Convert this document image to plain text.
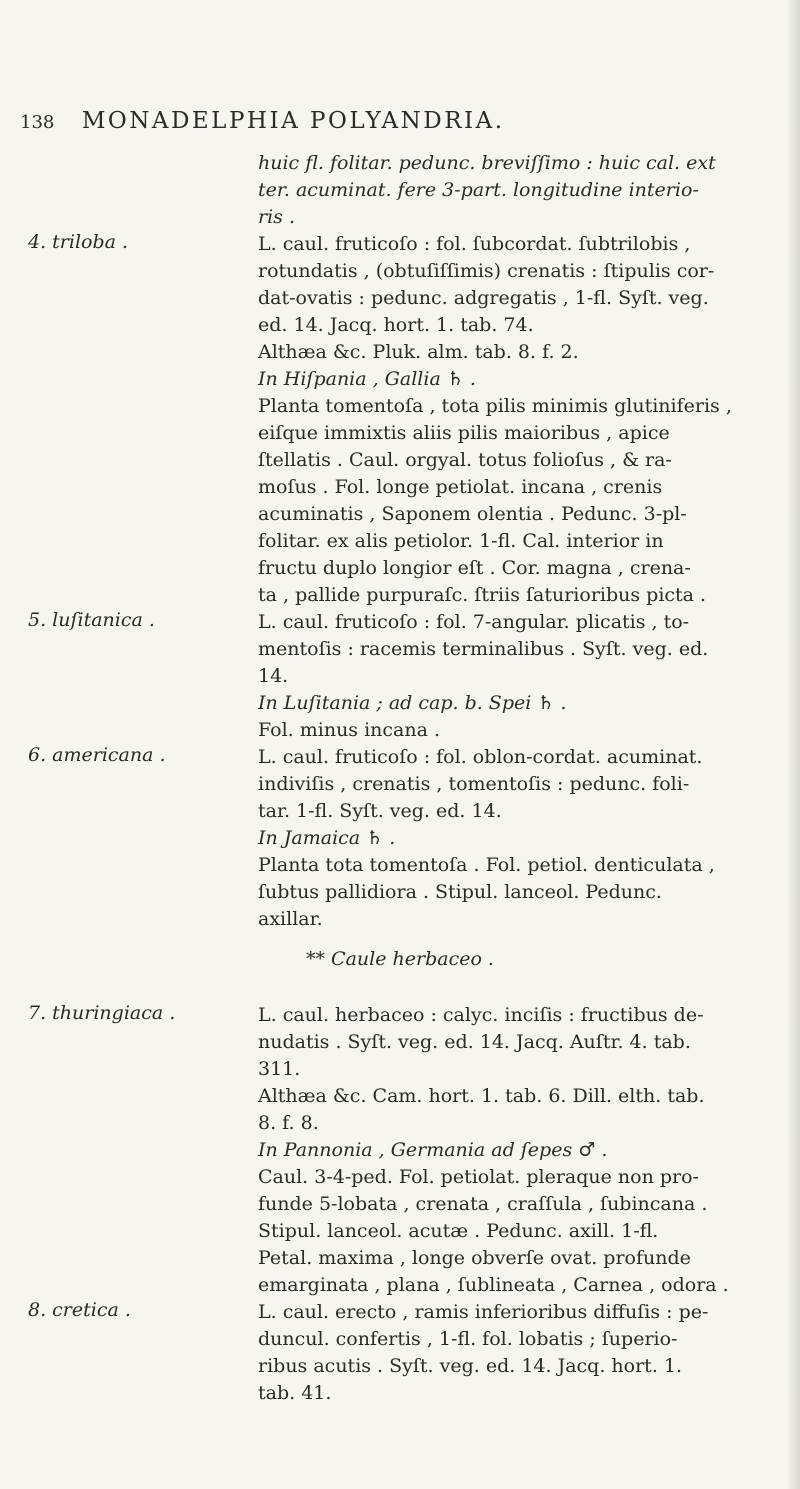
138 MONADELPHIA POLYANDRIA.
huic fl. folitar. pedunc. breviſſimo : huic cal. ext
ter. acuminat. fere 3-part. longitudine interio-
ris .
4. triloba .	L. caul. fruticoſo : fol. ſubcordat. ſubtrilobis ,
rotundatis , (obtuſiſſimis) crenatis : ſtipulis cor-
dat-ovatis : pedunc. adgregatis , 1-fl. Syſt. veg.
ed. 14. Jacq. hort. 1. tab. 74.
Althæa &c. Pluk. alm. tab. 8. f. 2.
In Hiſpania , Gallia ♄ .
Planta tomentoſa , tota pilis minimis glutiniferis ,
eiſque immixtis aliis pilis maioribus , apice
ſtellatis . Caul. orgyal. totus folioſus , & ra-
moſus . Fol. longe petiolat. incana , crenis
acuminatis , Saponem olentia . Pedunc. 3-pl-
folitar. ex alis petiolor. 1-fl. Cal. interior in
fructu duplo longior eſt . Cor. magna , crena-
ta , pallide purpuraſc. ſtriis ſaturioribus picta .
5. luſitanica .	L. caul. fruticoſo : fol. 7-angular. plicatis , to-
mentoſis : racemis terminalibus . Syſt. veg. ed.
14.
In Luſitania ; ad cap. b. Spei ♄ .
Fol. minus incana .
6. americana .	L. caul. fruticoſo : fol. oblon-cordat. acuminat.
indiviſis , crenatis , tomentoſis : pedunc. foli-
tar. 1-fl. Syſt. veg. ed. 14.
In Jamaica ♄ .
Planta tota tomentoſa . Fol. petiol. denticulata ,
ſubtus pallidiora . Stipul. lanceol. Pedunc.
axillar.
** Caule herbaceo .
7. thuringiaca .	L. caul. herbaceo : calyc. inciſis : fructibus de-
nudatis . Syſt. veg. ed. 14. Jacq. Auſtr. 4. tab.
311.
Althæa &c. Cam. hort. 1. tab. 6. Dill. elth. tab.
8. f. 8.
In Pannonia , Germania ad ſepes ♂ .
Caul. 3-4-ped. Fol. petiolat. pleraque non pro-
funde 5-lobata , crenata , craſſula , ſubincana .
Stipul. lanceol. acutæ . Pedunc. axill. 1-fl.
Petal. maxima , longe obverſe ovat. profunde
emarginata , plana , ſublineata , Carnea , odora .
8. cretica .	L. caul. erecto , ramis inferioribus diffuſis : pe-
duncul. confertis , 1-fl. fol. lobatis ; ſuperio-
ribus acutis . Syſt. veg. ed. 14. Jacq. hort. 1.
tab. 41.
